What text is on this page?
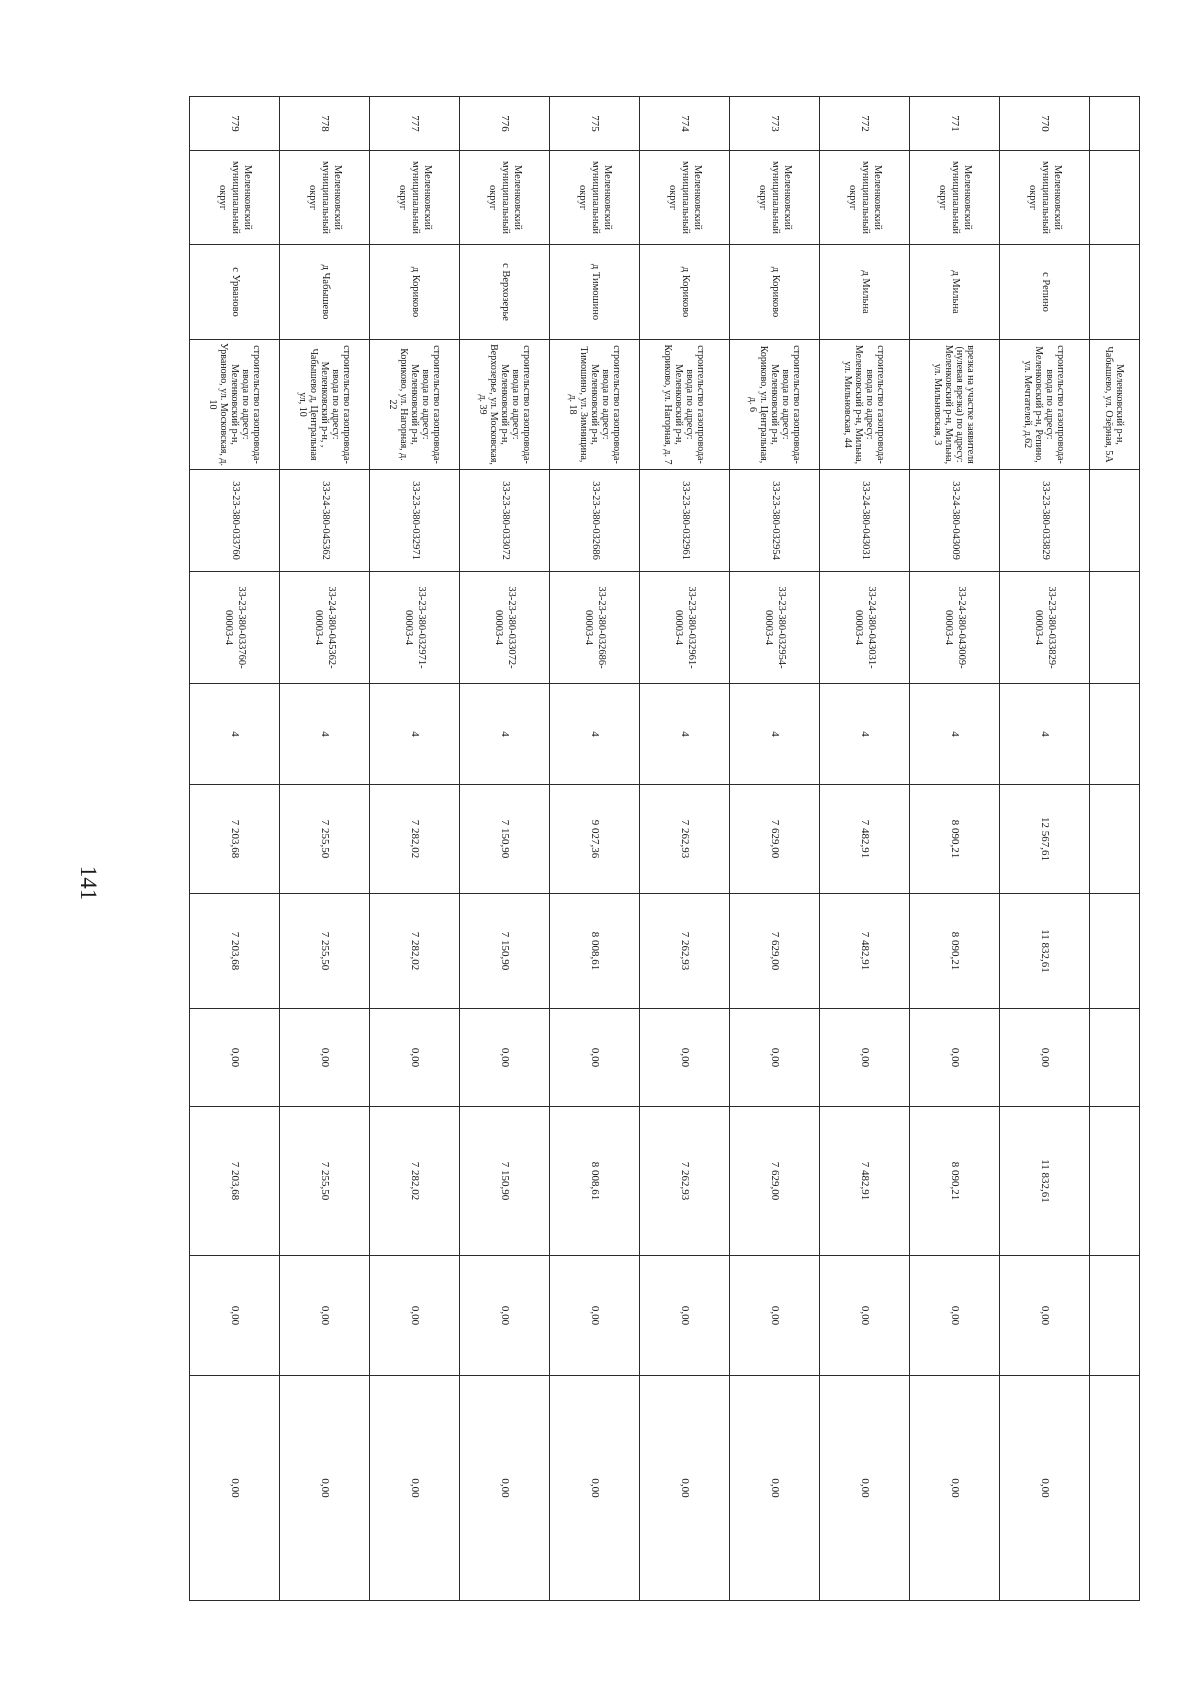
141
			Меленковский р-н, Чабышево, ул. Озёрная, 5А									
770	Меленковский муниципальный округ	с Репино	строительство газопровода-ввода по адресу: Меленковский р-н, Репино, ул. Мечтателей, д.62	33-23-380-033829	33-23-380-033829-00003-4	4	12 567,61	11 832,61	0,00	11 832,61	0,00	0,00
771	Меленковский муниципальный округ	д Мильна	врезка на участке заявителя (нулевая врезка) по адресу: Меленковский р-н, Мильна, ул. Мильновская, 3	33-24-380-043009	33-24-380-043009-00003-4	4	8 090,21	8 090,21	0,00	8 090,21	0,00	0,00
772	Меленковский муниципальный округ	д Мильна	строительство газопровода-ввода по адресу: Меленковский р-н, Мильна, ул. Мильновская, 44	33-24-380-043031	33-24-380-043031-00003-4	4	7 482,91	7 482,91	0,00	7 482,91	0,00	0,00
773	Меленковский муниципальный округ	д Кориково	строительство газопровода-ввода по адресу: Меленковский р-н, Кориково, ул. Центральная, д. 6	33-23-380-032954	33-23-380-032954-00003-4	4	7 629,00	7 629,00	0,00	7 629,00	0,00	0,00
774	Меленковский муниципальный округ	д Кориково	строительство газопровода-ввода по адресу: Меленковский р-н, Кориково, ул. Нагорная, д. 7	33-23-380-032961	33-23-380-032961-00003-4	4	7 262,93	7 262,93	0,00	7 262,93	0,00	0,00
775	Меленковский муниципальный округ	д Тимошино	строительство газопровода-ввода по адресу: Меленковский р-н, Тимошино, ул. Зимницина, д. 18	33-23-380-032686	33-23-380-032686-00003-4	4	9 027,36	8 008,61	0,00	8 008,61	0,00	0,00
776	Меленковский муниципальный округ	с Верхозерье	строительство газопровода-ввода по адресу: Меленковский р-н, Верхозерье, ул. Московская, д. 39	33-23-380-033072	33-23-380-033072-00003-4	4	7 150,90	7 150,90	0,00	7 150,90	0,00	0,00
777	Меленковский муниципальный округ	д Кориково	строительство газопровода-ввода по адресу: Меленковский р-н, Кориково, ул. Нагорная, д. 22	33-23-380-032971	33-23-380-032971-00003-4	4	7 282,02	7 282,02	0,00	7 282,02	0,00	0,00
778	Меленковский муниципальный округ	д Чабышево	строительство газопровода-ввода по адресу: Меленковский р-н, , Чабышево д, Центральная ул, 10	33-24-380-045362	33-24-380-045362-00003-4	4	7 255,50	7 255,50	0,00	7 255,50	0,00	0,00
779	Меленковский муниципальный округ	с Урваново	строительство газопровода-ввода по адресу: Меленковский р-н, Урваново, ул. Московская, д. 10	33-23-380-033760	33-23-380-033760-00003-4	4	7 203,68	7 203,68	0,00	7 203,68	0,00	0,00
